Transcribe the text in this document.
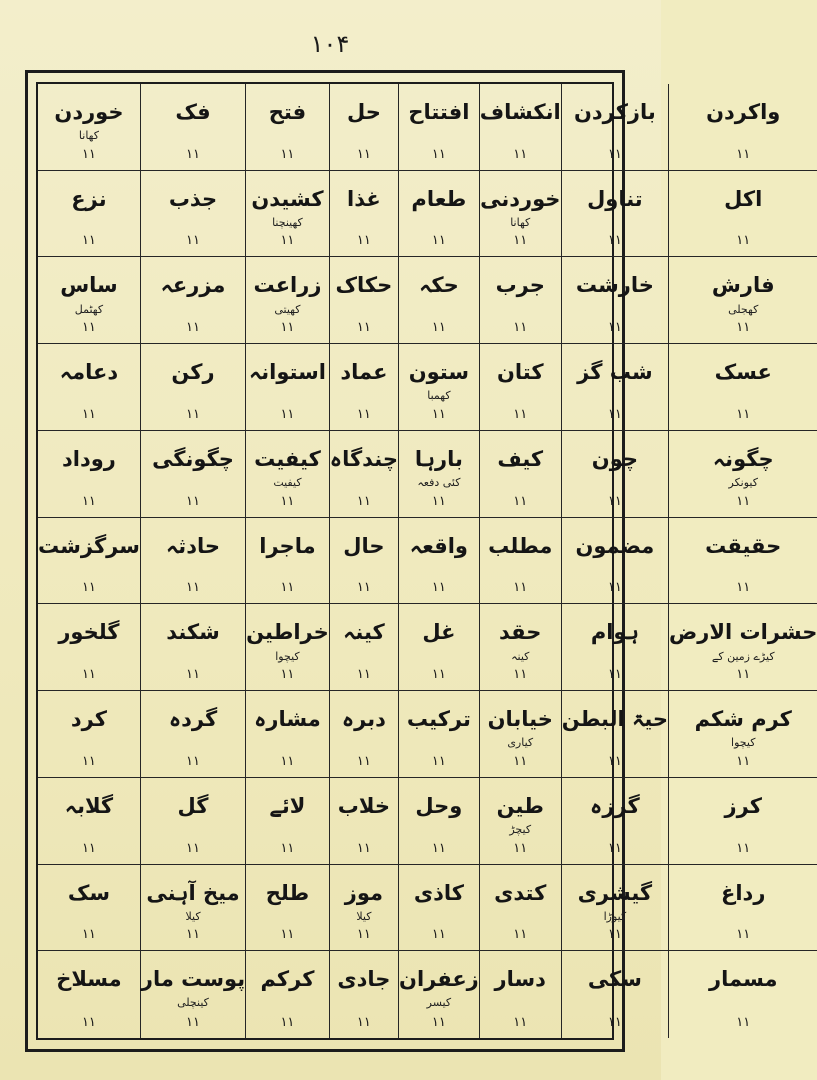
۱۰۴
خوردن
کھانا
۱۱
فک
۱۱
فتح
۱۱
حل
۱۱
افتتاح
۱۱
انکشاف
۱۱
بازکردن
۱۱
واکردن
۱۱
نزع
۱۱
جذب
۱۱
کشیدن
کھینچنا
۱۱
غذا
۱۱
طعام
۱۱
خوردنی
کھانا
۱۱
تناول
۱۱
اکل
۱۱
ساس
کھٹمل
۱۱
مزرعہ
۱۱
زراعت
کھیتی
۱۱
حکاک
۱۱
حکہ
۱۱
جرب
۱۱
خارشت
۱۱
فارش
کھجلی
۱۱
دعامہ
۱۱
رکن
۱۱
استوانہ
۱۱
عماد
۱۱
ستون
کھمبا
۱۱
کتان
۱۱
شب گز
۱۱
عسک
۱۱
روداد
۱۱
چگونگی
۱۱
کیفیت
کیفیت
۱۱
چندگاہ
۱۱
بارہا
کئی دفعہ
۱۱
کیف
۱۱
چون
۱۱
چگونہ
کیونکر
۱۱
سرگزشت
۱۱
حادثہ
۱۱
ماجرا
۱۱
حال
۱۱
واقعہ
۱۱
مطلب
۱۱
مضمون
۱۱
حقیقت
۱۱
گلخور
۱۱
شکند
۱۱
خراطین
کیچوا
۱۱
کینہ
۱۱
غل
۱۱
حقد
کینہ
۱۱
ہوام
۱۱
حشرات الارض
کیڑے زمین کے
۱۱
کرد
۱۱
گردہ
۱۱
مشارہ
۱۱
دبرہ
۱۱
ترکیب
۱۱
خیابان
کیاری
۱۱
حیۃ البطن
۱۱
کرم شکم
کیچوا
۱۱
گلابہ
۱۱
گل
۱۱
لائے
۱۱
خلاب
۱۱
وحل
۱۱
طین
کیچڑ
۱۱
گرزہ
۱۱
کرز
۱۱
سک
۱۱
میخ آہنی
کیلا
۱۱
طلح
۱۱
موز
کیلا
۱۱
کاذی
۱۱
کتدی
۱۱
گیشری
کیوڑا
۱۱
رداغ
۱۱
مسلاخ
۱۱
پوست مار
کینچلی
۱۱
کرکم
۱۱
جادی
۱۱
زعفران
کیسر
۱۱
دسار
۱۱
سکی
۱۱
مسمار
۱۱
